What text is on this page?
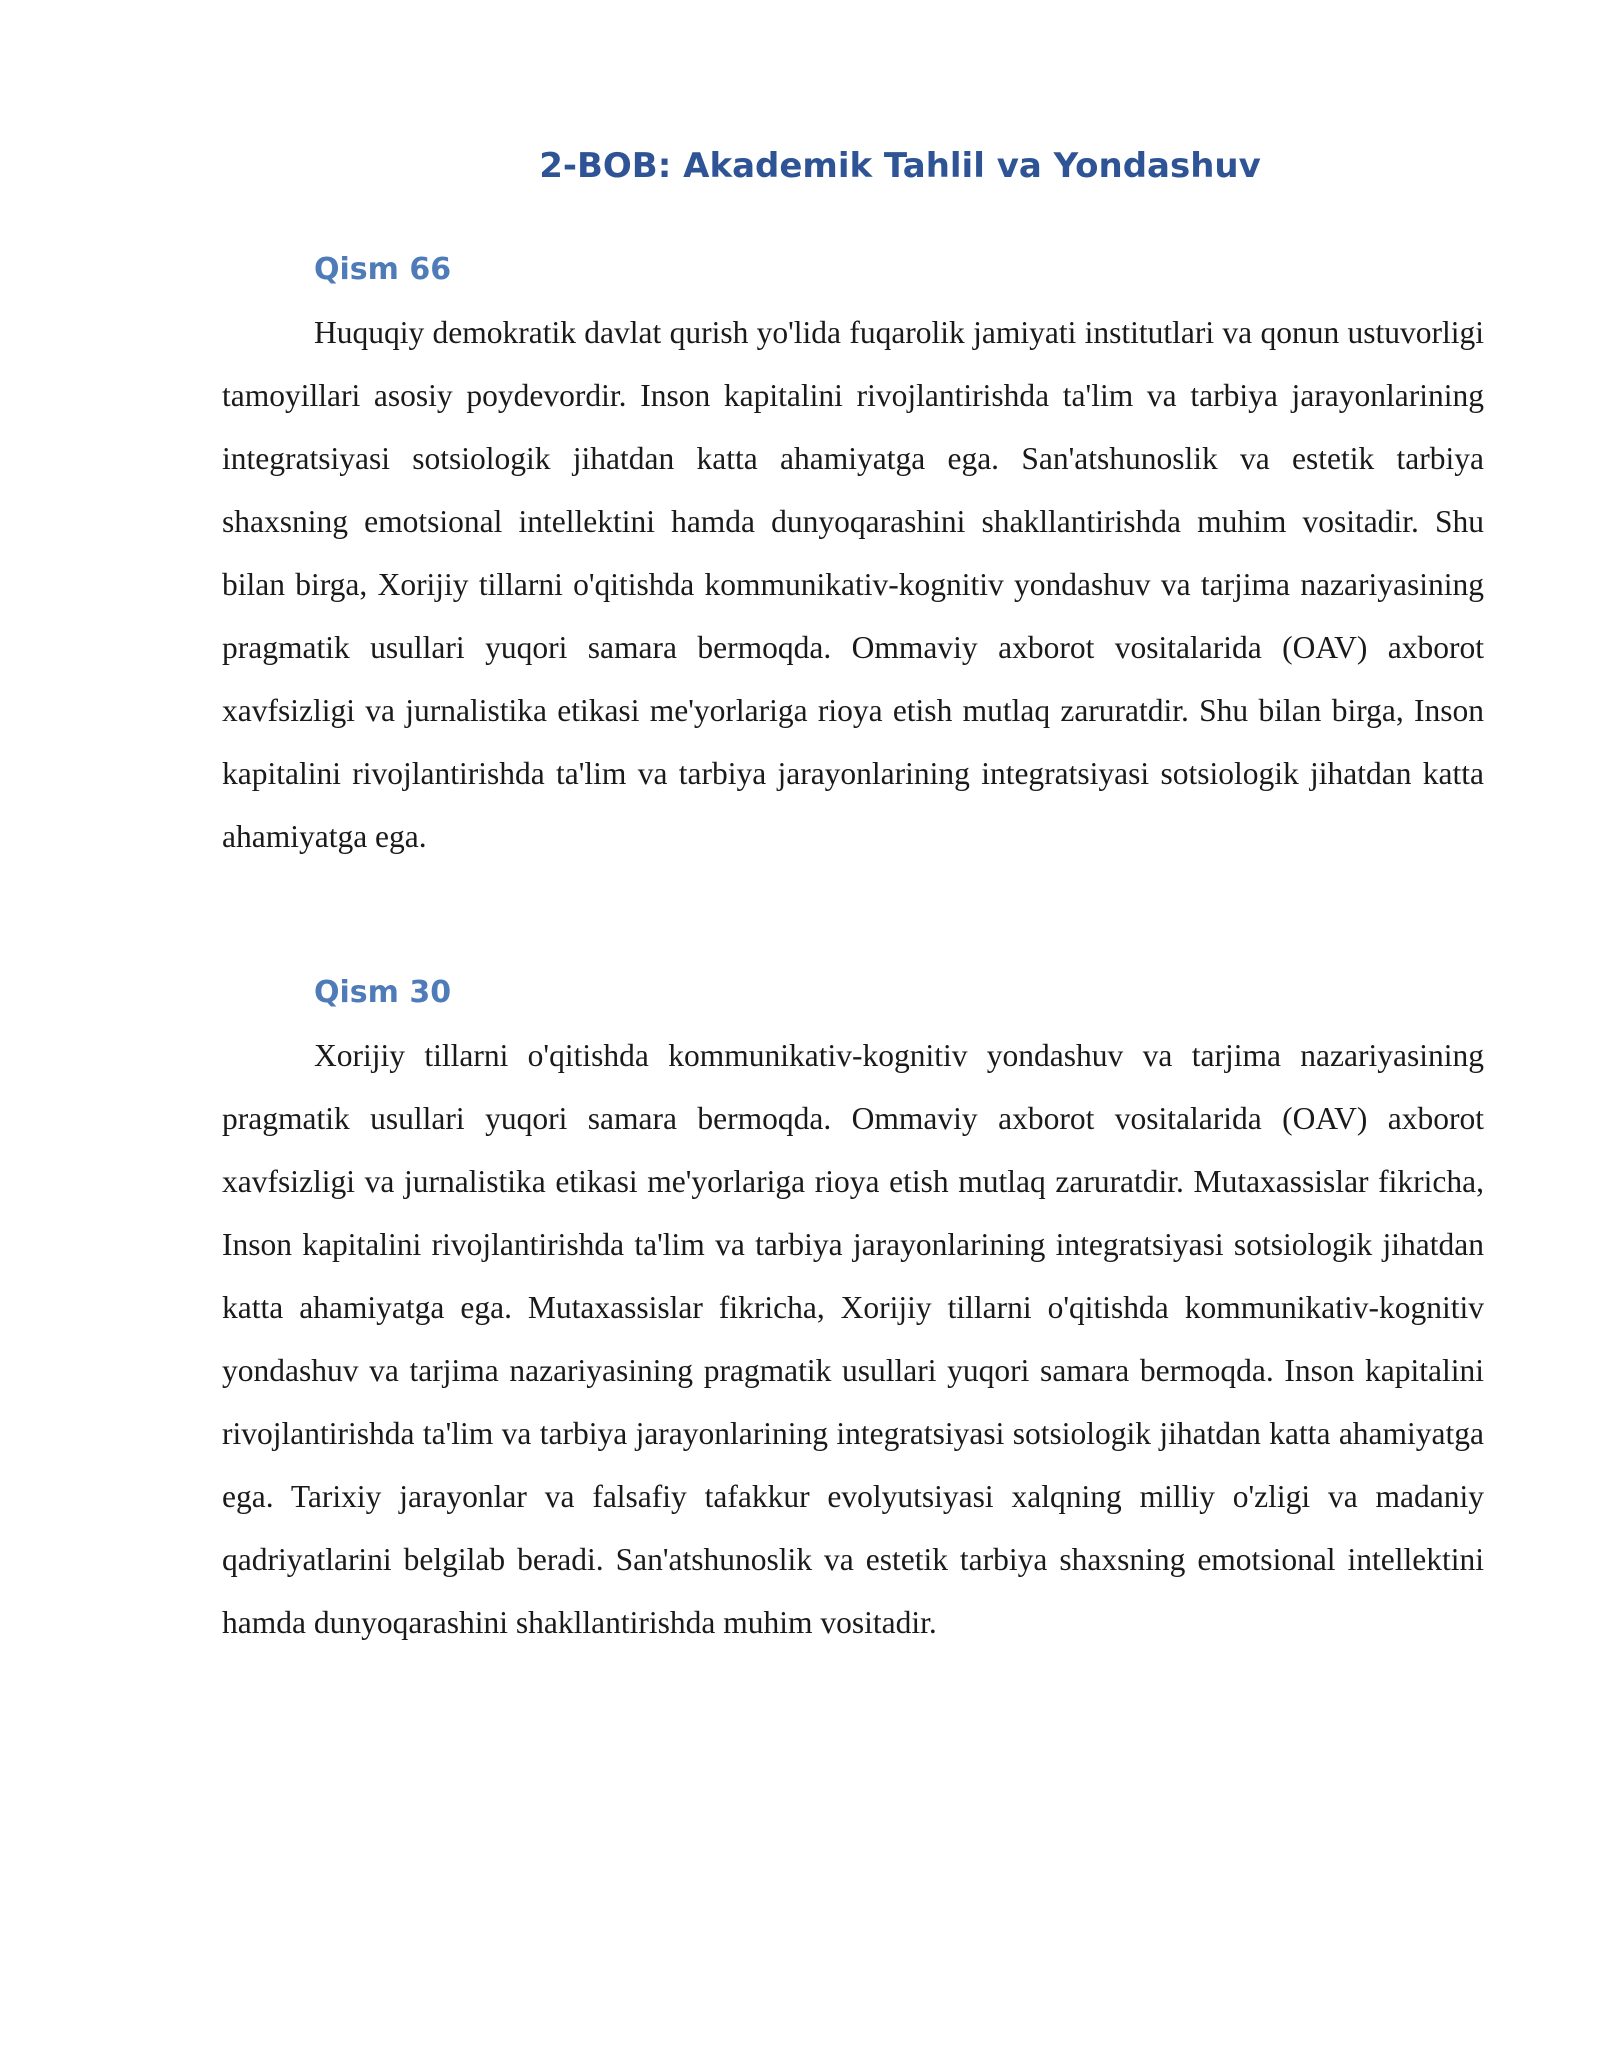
2-BOB: Akademik Tahlil va Yondashuv
Qism 66

Huquqiy demokratik davlat qurish yo'lida fuqarolik jamiyati institutlari va qonun ustuvorligi tamoyillari asosiy poydevordir. Inson kapitalini rivojlantirishda ta'lim va tarbiya jarayonlarining integratsiyasi sotsiologik jihatdan katta ahamiyatga ega. San'atshunoslik va estetik tarbiya shaxsning emotsional intellektini hamda dunyoqarashini shakllantirishda muhim vositadir. Shu bilan birga, Xorijiy tillarni o'qitishda kommunikativ-kognitiv yondashuv va tarjima nazariyasining pragmatik usullari yuqori samara bermoqda. Ommaviy axborot vositalarida (OAV) axborot xavfsizligi va jurnalistika etikasi me'yorlariga rioya etish mutlaq zaruratdir. Shu bilan birga, Inson kapitalini rivojlantirishda ta'lim va tarbiya jarayonlarining integratsiyasi sotsiologik jihatdan katta ahamiyatga ega.

Qism 30

Xorijiy tillarni o'qitishda kommunikativ-kognitiv yondashuv va tarjima nazariyasining pragmatik usullari yuqori samara bermoqda. Ommaviy axborot vositalarida (OAV) axborot xavfsizligi va jurnalistika etikasi me'yorlariga rioya etish mutlaq zaruratdir. Mutaxassislar fikricha, Inson kapitalini rivojlantirishda ta'lim va tarbiya jarayonlarining integratsiyasi sotsiologik jihatdan katta ahamiyatga ega. Mutaxassislar fikricha, Xorijiy tillarni o'qitishda kommunikativ-kognitiv yondashuv va tarjima nazariyasining pragmatik usullari yuqori samara bermoqda. Inson kapitalini rivojlantirishda ta'lim va tarbiya jarayonlarining integratsiyasi sotsiologik jihatdan katta ahamiyatga ega. Tarixiy jarayonlar va falsafiy tafakkur evolyutsiyasi xalqning milliy o'zligi va madaniy qadriyatlarini belgilab beradi. San'atshunoslik va estetik tarbiya shaxsning emotsional intellektini hamda dunyoqarashini shakllantirishda muhim vositadir.
